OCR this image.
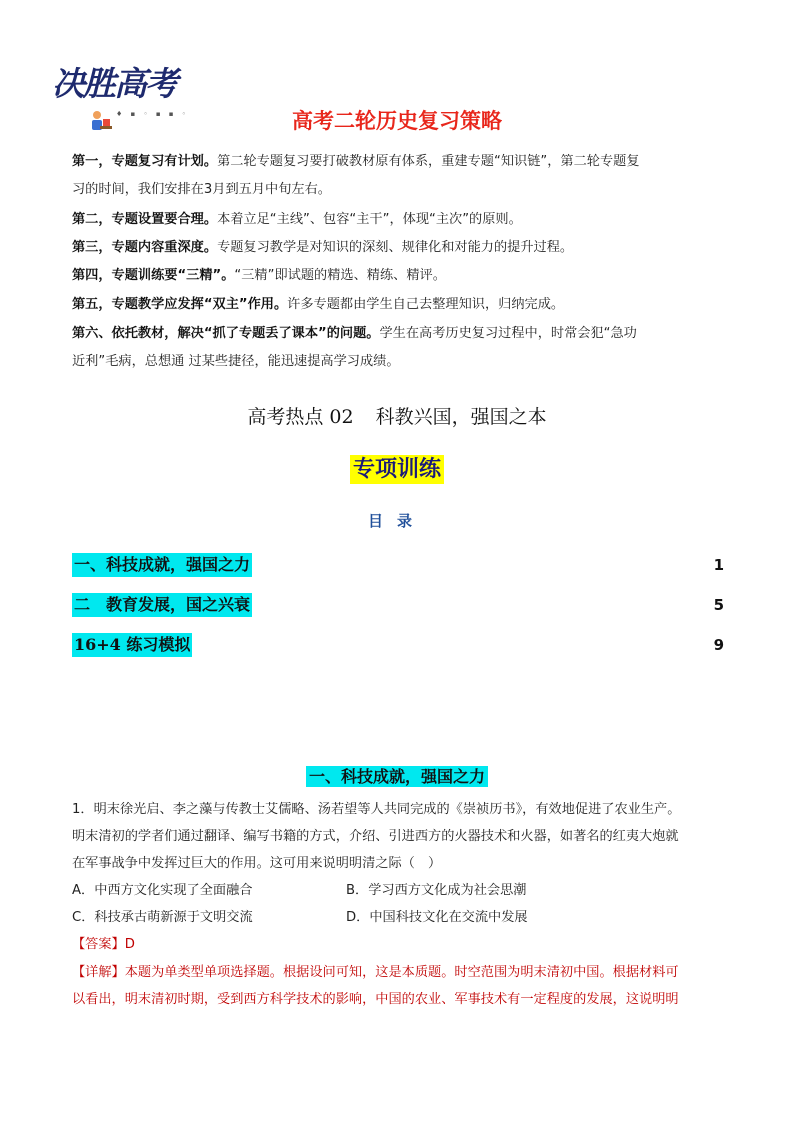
决胜高考
♦ ▪ ◦ ▪ ▪ ◦	高考二轮历史复习策略
第一，专题复习有计划。第二轮专题复习要打破教材原有体系，重建专题“知识链”，第二轮专题复
习的时间，我们安排在3月到五月中旬左右。
第二，专题设置要合理。本着立足“主线”、包容“主干”，体现“主次”的原则。
第三，专题内容重深度。专题复习教学是对知识的深刻、规律化和对能力的提升过程。
第四，专题训练要“三精”。“三精”即试题的精选、精练、精评。
第五，专题教学应发挥“双主”作用。许多专题都由学生自己去整理知识，归纳完成。
第六、依托教材，解决“抓了专题丢了课本”的问题。学生在高考历史复习过程中，时常会犯“急功
近利”毛病，总想通 过某些捷径，能迅速提高学习成绩。
高考热点 02 科教兴国，强国之本
专项训练
目录
一、科技成就，强国之力	1
二　教育发展，国之兴衰	5
16+4 练习模拟	9
一、科技成就，强国之力
1．明末徐光启、李之藻与传教士艾儒略、汤若望等人共同完成的《崇祯历书》，有效地促进了农业生产。
明末清初的学者们通过翻译、编写书籍的方式，介绍、引进西方的火器技术和火器，如著名的红夷大炮就
在军事战争中发挥过巨大的作用。这可用来说明明清之际（　）
A．中西方文化实现了全面融合	B．学习西方文化成为社会思潮
C．科技承古萌新源于文明交流	D．中国科技文化在交流中发展
【答案】D
【详解】本题为单类型单项选择题。根据设问可知，这是本质题。时空范围为明末清初中国。根据材料可
以看出，明末清初时期，受到西方科学技术的影响，中国的农业、军事技术有一定程度的发展，这说明明
